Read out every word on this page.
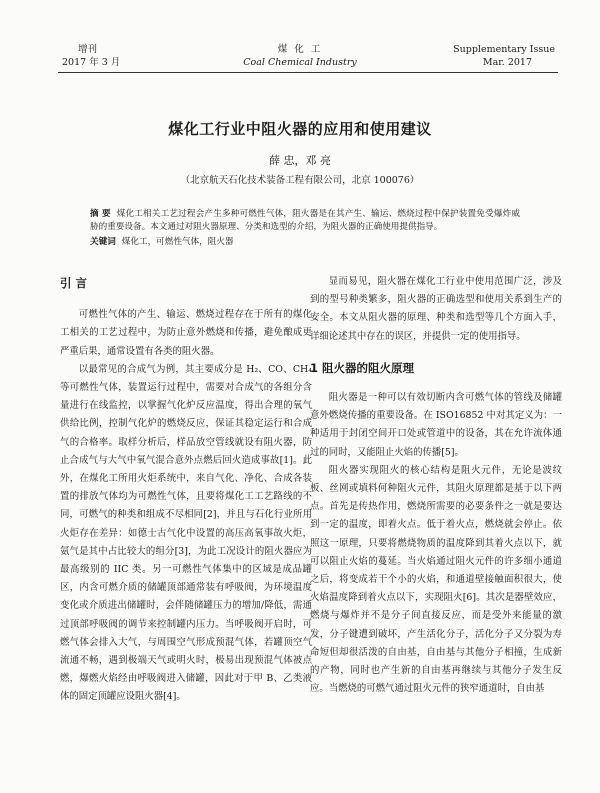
增刊
2017 年 3 月
煤 化 工
Coal Chemical Industry
Supplementary Issue
Mar. 2017
煤化工行业中阻火器的应用和使用建议
薛 忠，邓 亮
（北京航天石化技术装备工程有限公司，北京 100076）
摘 要 煤化工相关工艺过程会产生多种可燃性气体，阻火器是在其产生、输运、燃烧过程中保护装置免受爆炸威胁的重要设备。本文通过对阻火器原理、分类和选型的介绍，为阻火器的正确使用提供指导。
关键词 煤化工，可燃性气体，阻火器
引 言

可燃性气体的产生、输运、燃烧过程存在于所有的煤化工相关的工艺过程中，为防止意外燃烧和传播，避免酿成更严重后果，通常设置有各类的阻火器。

以最常见的合成气为例，其主要成分是 H₂、CO、CH₄ 等可燃性气体，装置运行过程中，需要对合成气的各组分含量进行在线监控，以掌握气化炉反应温度，得出合理的氧气供给比例，控制气化炉的燃烧反应，保证其稳定运行和合成气的合格率。取样分析后，样品放空管线就设有阻火器，防止合成气与大气中氧气混合意外点燃后回火造成事故[1]。此外，在煤化工所用火炬系统中，来自气化、净化、合成各装置的排放气体均为可燃性气体，且要将煤化工工艺路线的不同，可燃气的种类和组成不尽相同[2]，并且与石化行业所用火炬存在差异：如德士古气化中设置的高压高氧事故火炬，氨气是其中占比较大的组分[3]，为此工况设计的阻火器应为最高级别的 IIC 类。另一可燃性气体集中的区域是成品罐区，内含可燃介质的储罐顶部通常装有呼吸阀，为环境温度变化或介质进出储罐时，会伴随储罐压力的增加/降低，需通过顶部呼吸阀的调节来控制罐内压力。当呼吸阀开启时，可燃气体会排入大气，与周围空气形成预混气体，若罐顶空气流通不畅，遇到极端天气或明火时，极易出现预混气体被点燃，爆燃火焰经由呼吸阀进入储罐，因此对于甲 B、乙类液体的固定顶罐应设阻火器[4]。

显而易见，阻火器在煤化工行业中使用范围广泛，涉及到的型号种类繁多，阻火器的正确选型和使用关系到生产的安全。本文从阻火器的原理、种类和选型等几个方面入手，详细论述其中存在的误区，并提供一定的使用指导。

1 阻火器的阻火原理

阻火器是一种可以有效切断内含可燃气体的管线及储罐意外燃烧传播的重要设备。在 ISO16852 中对其定义为：一种适用于封闭空间开口处或管道中的设备，其在允许流体通过的同时，又能阻止火焰的传播[5]。

阻火器实现阻火的核心结构是阻火元件，无论是波纹板、丝网或填料何种阻火元件，其阻火原理都是基于以下两点。首先是传热作用，燃烧所需要的必要条件之一就是要达到一定的温度，即着火点。低于着火点，燃烧就会停止。依照这一原理，只要将燃烧物质的温度降到其着火点以下，就可以阻止火焰的蔓延。当火焰通过阻火元件的许多细小通道之后，将变成若干个小的火焰，和通道壁接触面积很大，使火焰温度降到着火点以下，实现阻火[6]。其次是器壁效应，燃烧与爆炸并不是分子间直接反应，而是受外来能量的激发，分子键遭到破坏，产生活化分子，活化分子又分裂为寿命短但却很活泼的自由基，自由基与其他分子相撞，生成新的产物，同时也产生新的自由基再继续与其他分子发生反应。当燃烧的可燃气通过阻火元件的狭窄通道时，自由基
